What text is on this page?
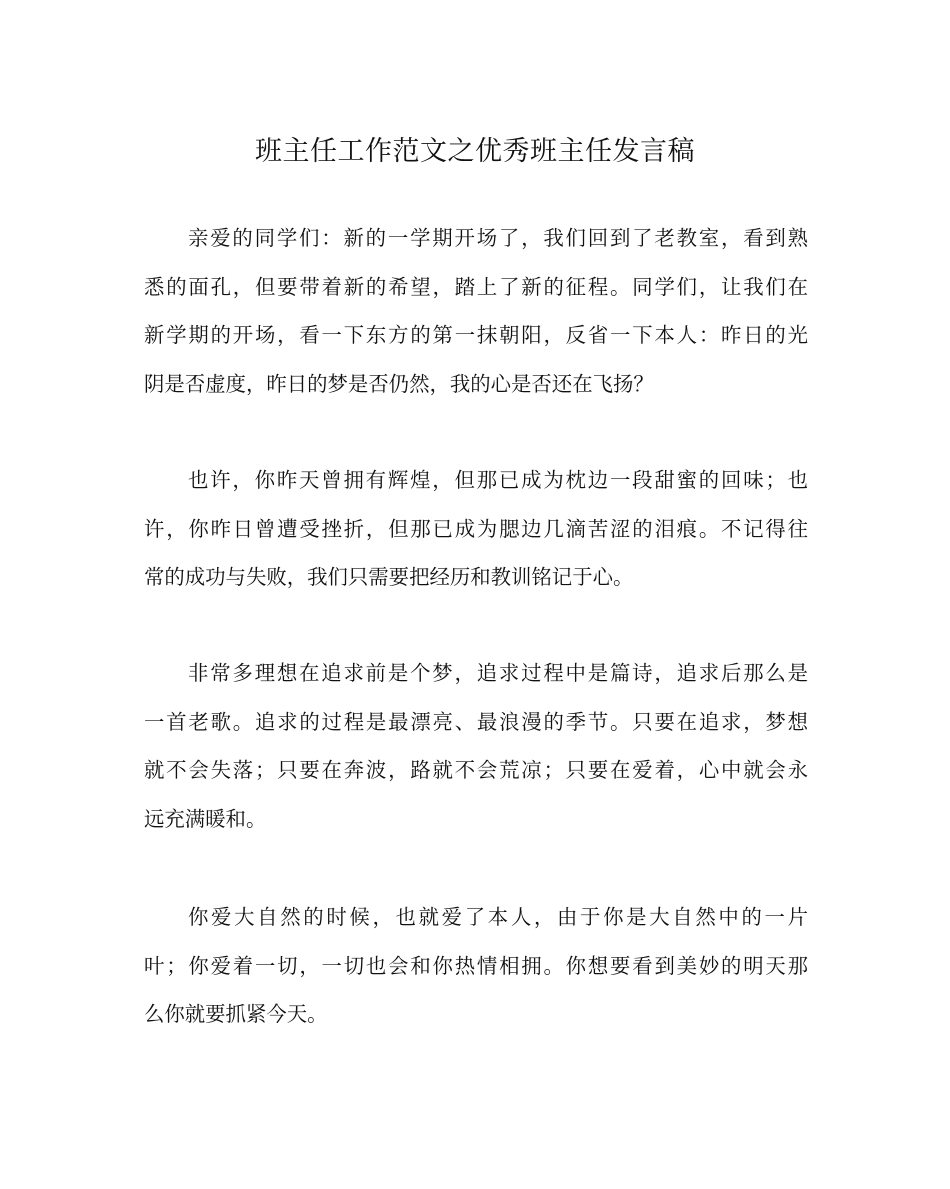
班主任工作范文之优秀班主任发言稿
亲爱的同学们：新的一学期开场了，我们回到了老教室，看到熟
悉的面孔，但要带着新的希望，踏上了新的征程。同学们，让我们在
新学期的开场，看一下东方的第一抹朝阳，反省一下本人：昨日的光
阴是否虚度，昨日的梦是否仍然，我的心是否还在飞扬？
也许，你昨天曾拥有辉煌，但那已成为枕边一段甜蜜的回味；也
许，你昨日曾遭受挫折，但那已成为腮边几滴苦涩的泪痕。不记得往
常的成功与失败，我们只需要把经历和教训铭记于心。
非常多理想在追求前是个梦，追求过程中是篇诗，追求后那么是
一首老歌。追求的过程是最漂亮、最浪漫的季节。只要在追求，梦想
就不会失落；只要在奔波，路就不会荒凉；只要在爱着，心中就会永
远充满暖和。
你爱大自然的时候，也就爱了本人，由于你是大自然中的一片
叶；你爱着一切，一切也会和你热情相拥。你想要看到美妙的明天那
么你就要抓紧今天。
